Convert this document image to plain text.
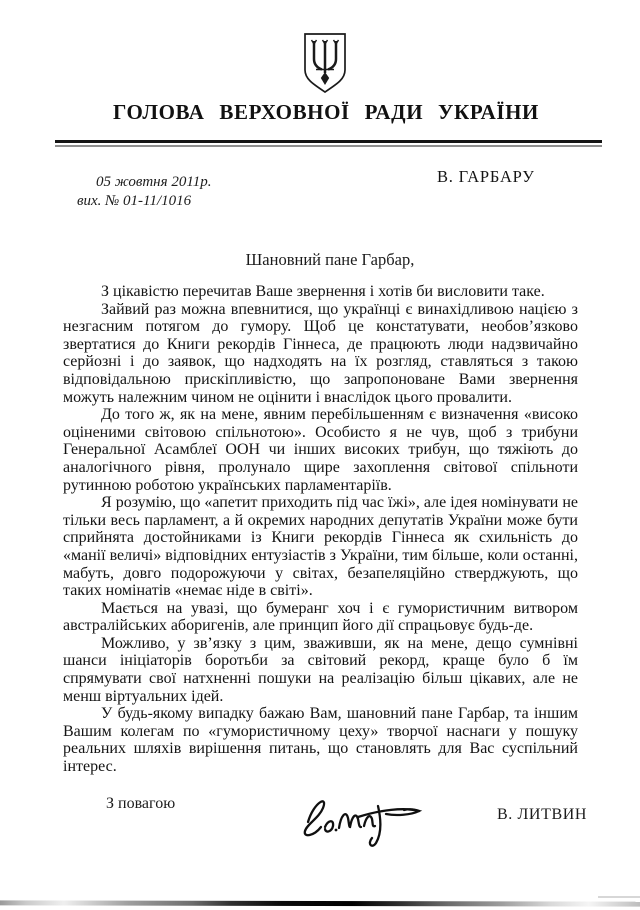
ГОЛОВА ВЕРХОВНОЇ РАДИ УКРАЇНИ
05 жовтня 2011р.
вих. № 01-11/1016
В. ГАРБАРУ
Шановний пане Гарбар,

З цікавістю перечитав Ваше звернення і хотів би висловити таке.

Зайвий раз можна впевнитися, що українці є винахідливою нацією з незгасним потягом до гумору. Щоб це констатувати, необов’язково звертатися до Книги рекордів Гіннеса, де працюють люди надзвичайно серйозні і до заявок, що надходять на їх розгляд, ставляться з такою відповідальною прискіпливістю, що запропоноване Вами звернення можуть належним чином не оцінити і внаслідок цього провалити.

До того ж, як на мене, явним перебільшенням є визначення «високо оціненими світовою спільнотою». Особисто я не чув, щоб з трибуни Генеральної Асамблеї ООН чи інших високих трибун, що тяжіють до аналогічного рівня, пролунало щире захоплення світової спільноти рутинною роботою українських парламентаріїв.

Я розумію, що «апетит приходить під час їжі», але ідея номінувати не тільки весь парламент, а й окремих народних депутатів України може бути сприйнята достойниками із Книги рекордів Гіннеса як схильність до «манії величі» відповідних ентузіастів з України, тим більше, коли останні, мабуть, довго подорожуючи у світах, безапеляційно стверджують, що таких номінатів «немає ніде в світі».

Мається на увазі, що бумеранг хоч і є гумористичним витвором австралійських аборигенів, але принцип його дії спрацьовує будь-де.

Можливо, у зв’язку з цим, зваживши, як на мене, дещо сумнівні шанси ініціаторів боротьби за світовий рекорд, краще було б їм спрямувати свої натхненні пошуки на реалізацію більш цікавих, але не менш віртуальних ідей.

У будь-якому випадку бажаю Вам, шановний пане Гарбар, та іншим Вашим колегам по «гумористичному цеху» творчої наснаги у пошуку реальних шляхів вирішення питань, що становлять для Вас суспільний інтерес.

З повагою
В. ЛИТВИН
